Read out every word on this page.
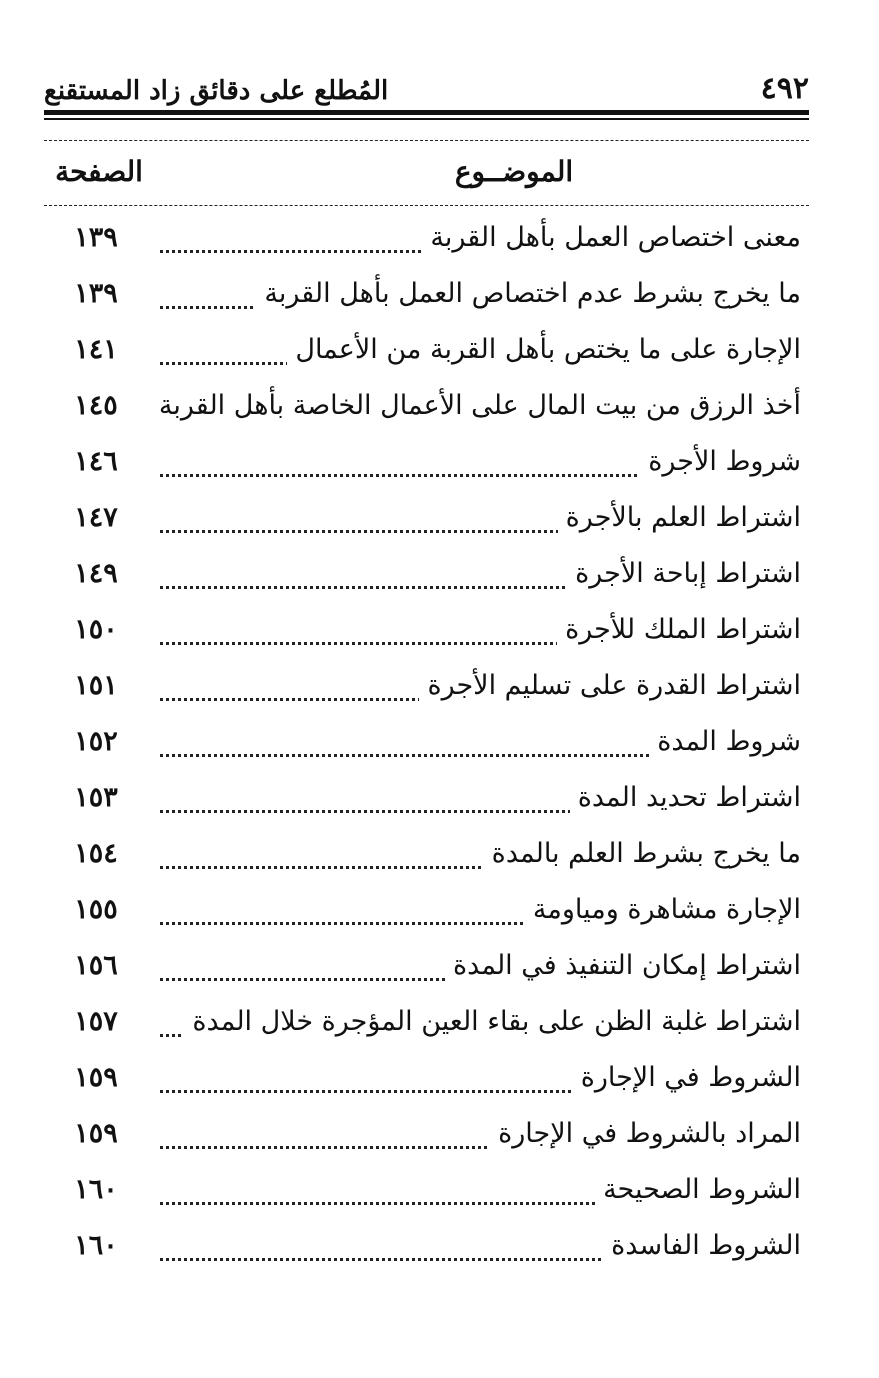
٤٩٢
المُطلع على دقائق زاد المستقنع
الموضــوع
الصفحة
معنى اختصاص العمل بأهل القربة
١٣٩
ما يخرج بشرط عدم اختصاص العمل بأهل القربة
١٣٩
الإجارة على ما يختص بأهل القربة من الأعمال
١٤١
أخذ الرزق من بيت المال على الأعمال الخاصة بأهل القربة
١٤٥
شروط الأجرة
١٤٦
اشتراط العلم بالأجرة
١٤٧
اشتراط إباحة الأجرة
١٤٩
اشتراط الملك للأجرة
١٥٠
اشتراط القدرة على تسليم الأجرة
١٥١
شروط المدة
١٥٢
اشتراط تحديد المدة
١٥٣
ما يخرج بشرط العلم بالمدة
١٥٤
الإجارة مشاهرة ومياومة
١٥٥
اشتراط إمكان التنفيذ في المدة
١٥٦
اشتراط غلبة الظن على بقاء العين المؤجرة خلال المدة
١٥٧
الشروط في الإجارة
١٥٩
المراد بالشروط في الإجارة
١٥٩
الشروط الصحيحة
١٦٠
الشروط الفاسدة
١٦٠
